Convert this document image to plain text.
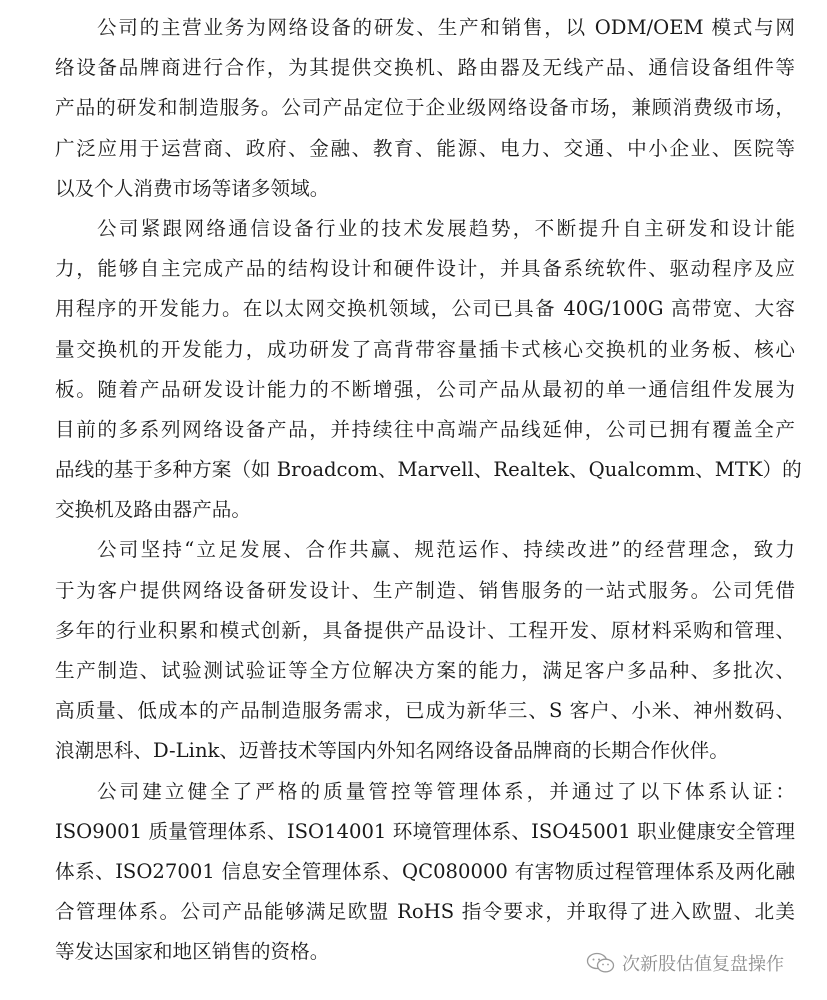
公司的主营业务为网络设备的研发、生产和销售，以 ODM/OEM 模式与网
络设备品牌商进行合作，为其提供交换机、路由器及无线产品、通信设备组件等
产品的研发和制造服务。公司产品定位于企业级网络设备市场，兼顾消费级市场，
广泛应用于运营商、政府、金融、教育、能源、电力、交通、中小企业、医院等
以及个人消费市场等诸多领域。
公司紧跟网络通信设备行业的技术发展趋势，不断提升自主研发和设计能
力，能够自主完成产品的结构设计和硬件设计，并具备系统软件、驱动程序及应
用程序的开发能力。在以太网交换机领域，公司已具备 40G/100G 高带宽、大容
量交换机的开发能力，成功研发了高背带容量插卡式核心交换机的业务板、核心
板。随着产品研发设计能力的不断增强，公司产品从最初的单一通信组件发展为
目前的多系列网络设备产品，并持续往中高端产品线延伸，公司已拥有覆盖全产
品线的基于多种方案（如 Broadcom、Marvell、Realtek、Qualcomm、MTK）的
交换机及路由器产品。
公司坚持“立足发展、合作共赢、规范运作、持续改进”的经营理念，致力
于为客户提供网络设备研发设计、生产制造、销售服务的一站式服务。公司凭借
多年的行业积累和模式创新，具备提供产品设计、工程开发、原材料采购和管理、
生产制造、试验测试验证等全方位解决方案的能力，满足客户多品种、多批次、
高质量、低成本的产品制造服务需求，已成为新华三、S 客户、小米、神州数码、
浪潮思科、D-Link、迈普技术等国内外知名网络设备品牌商的长期合作伙伴。
公司建立健全了严格的质量管控等管理体系，并通过了以下体系认证：
ISO9001 质量管理体系、ISO14001 环境管理体系、ISO45001 职业健康安全管理
体系、ISO27001 信息安全管理体系、QC080000 有害物质过程管理体系及两化融
合管理体系。公司产品能够满足欧盟 RoHS 指令要求，并取得了进入欧盟、北美
等发达国家和地区销售的资格。
次新股估值复盘操作
